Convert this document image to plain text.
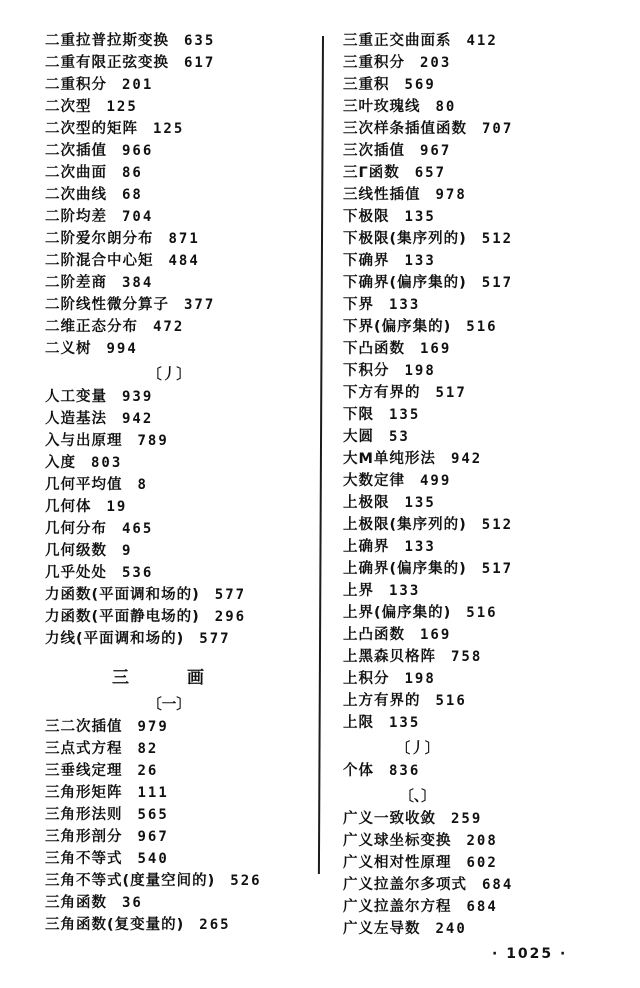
二重拉普拉斯变换 635
二重有限正弦变换 617
二重积分 201
二次型 125
二次型的矩阵 125
二次插值 966
二次曲面 86
二次曲线 68
二阶均差 704
二阶爱尔朗分布 871
二阶混合中心矩 484
二阶差商 384
二阶线性微分算子 377
二维正态分布 472
二义树 994
〔丿〕
人工变量 939
人造基法 942
入与出原理 789
入度 803
几何平均值 8
几何体 19
几何分布 465
几何级数 9
几乎处处 536
力函数(平面调和场的) 577
力函数(平面静电场的) 296
力线(平面调和场的) 577
三	画
〔一〕
三二次插值 979
三点式方程 82
三垂线定理 26
三角形矩阵 111
三角形法则 565
三角形剖分 967
三角不等式 540
三角不等式(度量空间的) 526
三角函数 36
三角函数(复变量的) 265
三重正交曲面系 412
三重积分 203
三重积 569
三叶玫瑰线 80
三次样条插值函数 707
三次插值 967
三Γ函数 657
三线性插值 978
下极限 135
下极限(集序列的) 512
下确界 133
下确界(偏序集的) 517
下界 133
下界(偏序集的) 516
下凸函数 169
下积分 198
下方有界的 517
下限 135
大圆 53
大M单纯形法 942
大数定律 499
上极限 135
上极限(集序列的) 512
上确界 133
上确界(偏序集的) 517
上界 133
上界(偏序集的) 516
上凸函数 169
上黑森贝格阵 758
上积分 198
上方有界的 516
上限 135
〔丿〕
个体 836
〔、〕
广义一致收敛 259
广义球坐标变换 208
广义相对性原理 602
广义拉盖尔多项式 684
广义拉盖尔方程 684
广义左导数 240
· 1025 ·
